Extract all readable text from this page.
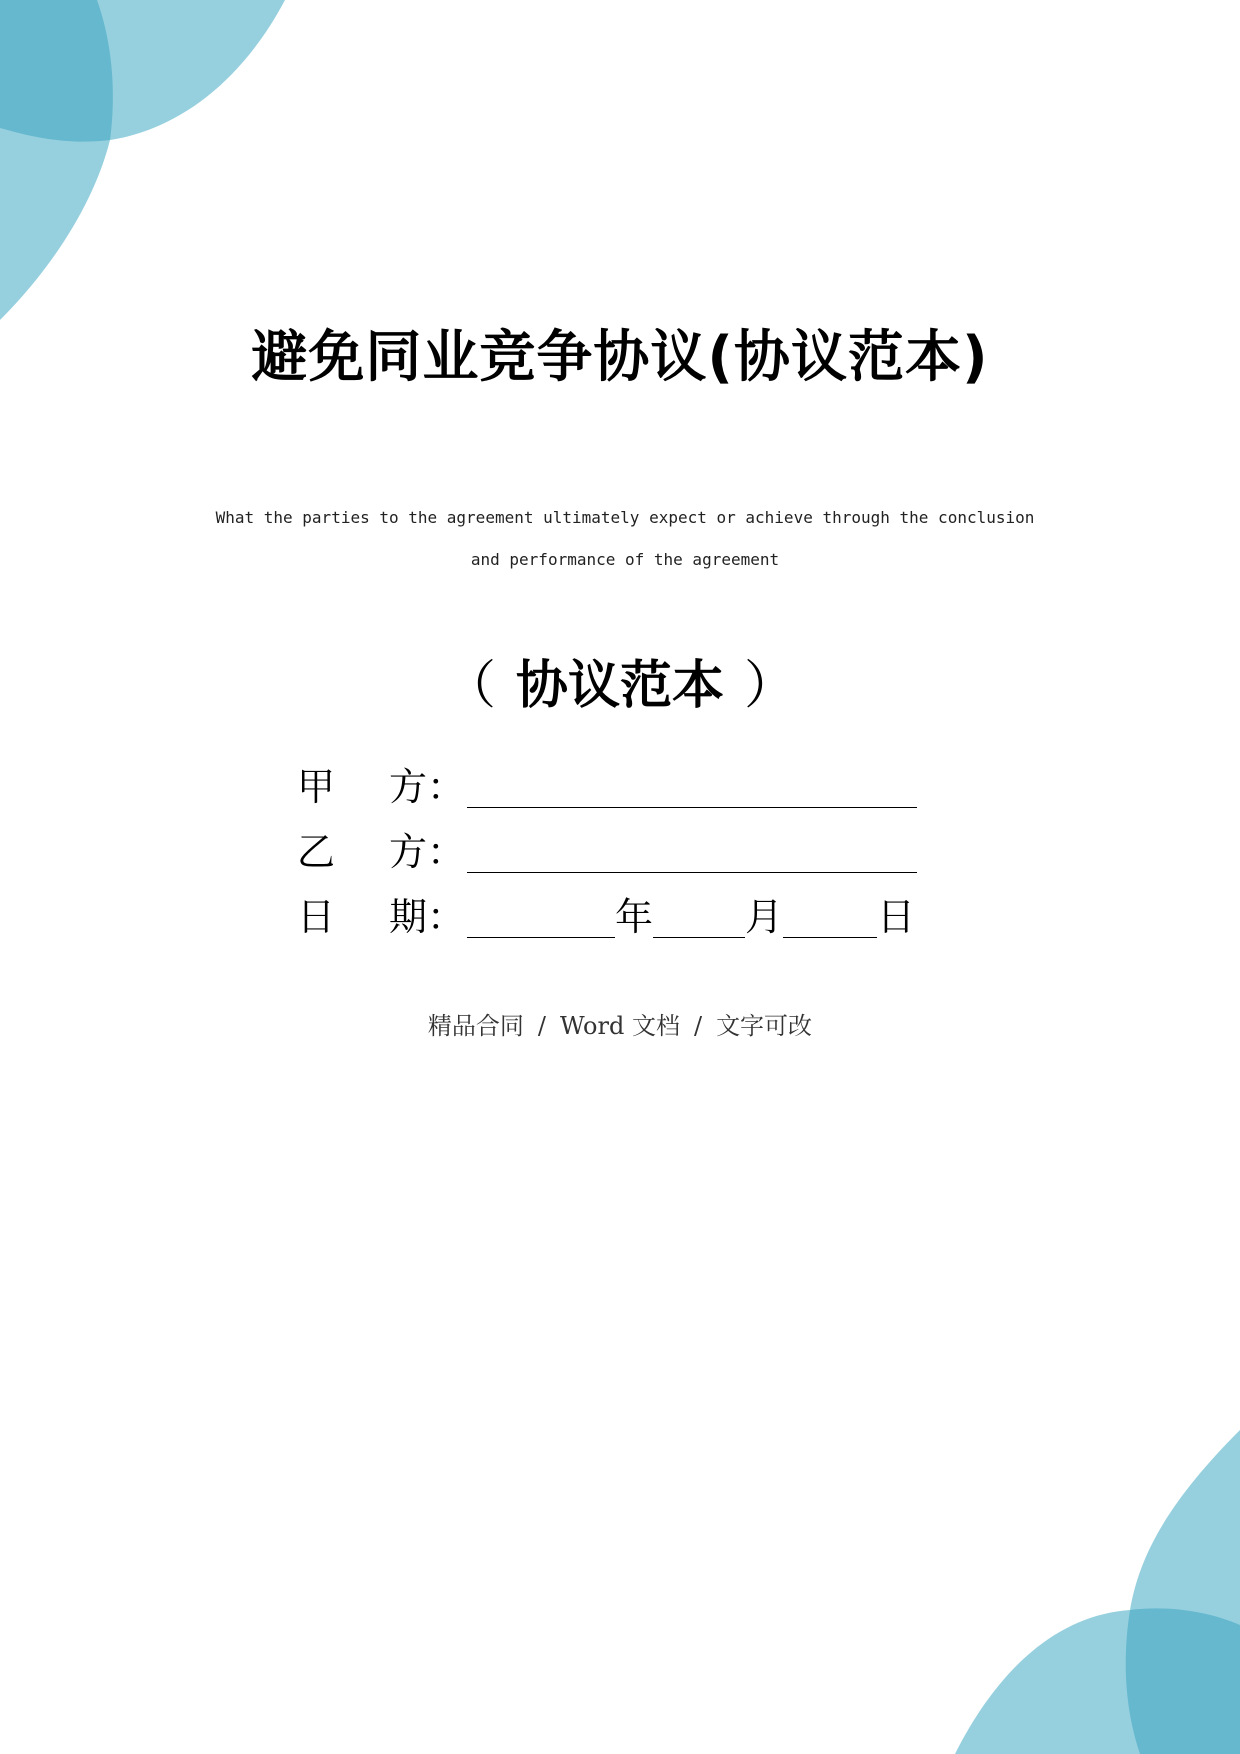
避免同业竞争协议(协议范本)

What the parties to the agreement ultimately expect or achieve through the conclusion and performance of the agreement

（ 协议范本 ）
甲 方：
乙 方：
日 期：	年 月 日

精品合同 / Word 文档 / 文字可改
